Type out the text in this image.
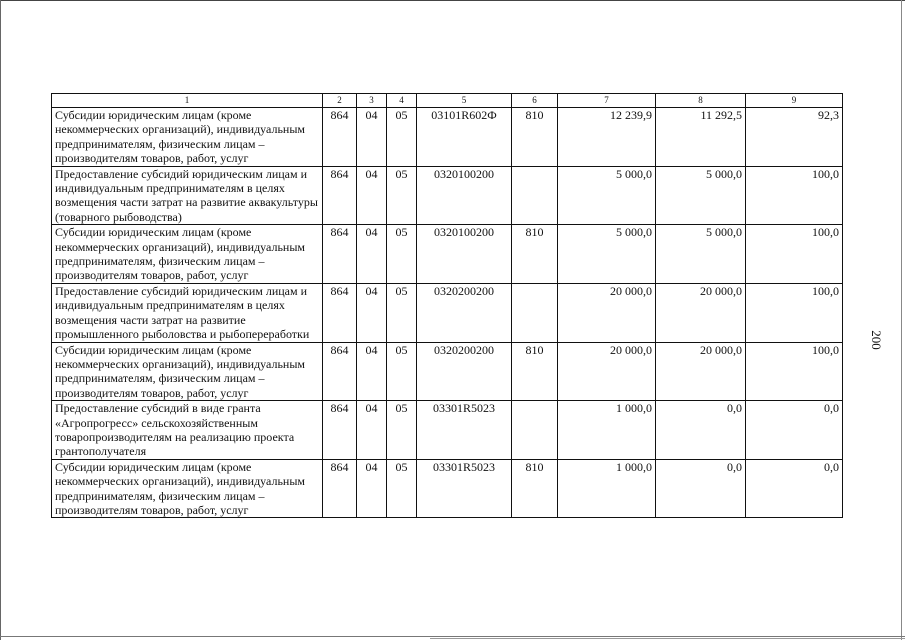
1	2	3	4	5	6	7	8	9
Субсидии юридическим лицам (кроме некоммерческих организаций), индивидуальным предпринимателям, физическим лицам – производителям товаров, работ, услуг	864	04	05	03101R602Ф	810	12 239,9	11 292,5	92,3
Предоставление субсидий юридическим лицам и индивидуальным предпринимателям в целях возмещения части затрат на развитие аквакультуры (товарного рыбоводства)	864	04	05	0320100200		5 000,0	5 000,0	100,0
Субсидии юридическим лицам (кроме некоммерческих организаций), индивидуальным предпринимателям, физическим лицам – производителям товаров, работ, услуг	864	04	05	0320100200	810	5 000,0	5 000,0	100,0
Предоставление субсидий юридическим лицам и индивидуальным предпринимателям в целях возмещения части затрат на развитие промышленного рыболовства и рыбопереработки	864	04	05	0320200200		20 000,0	20 000,0	100,0
Субсидии юридическим лицам (кроме некоммерческих организаций), индивидуальным предпринимателям, физическим лицам – производителям товаров, работ, услуг	864	04	05	0320200200	810	20 000,0	20 000,0	100,0
Предоставление субсидий в виде гранта «Агропрогресс» сельскохозяйственным товаропроизводителям на реализацию проекта грантополучателя	864	04	05	03301R5023		1 000,0	0,0	0,0
Субсидии юридическим лицам (кроме некоммерческих организаций), индивидуальным предпринимателям, физическим лицам – производителям товаров, работ, услуг	864	04	05	03301R5023	810	1 000,0	0,0	0,0
200
